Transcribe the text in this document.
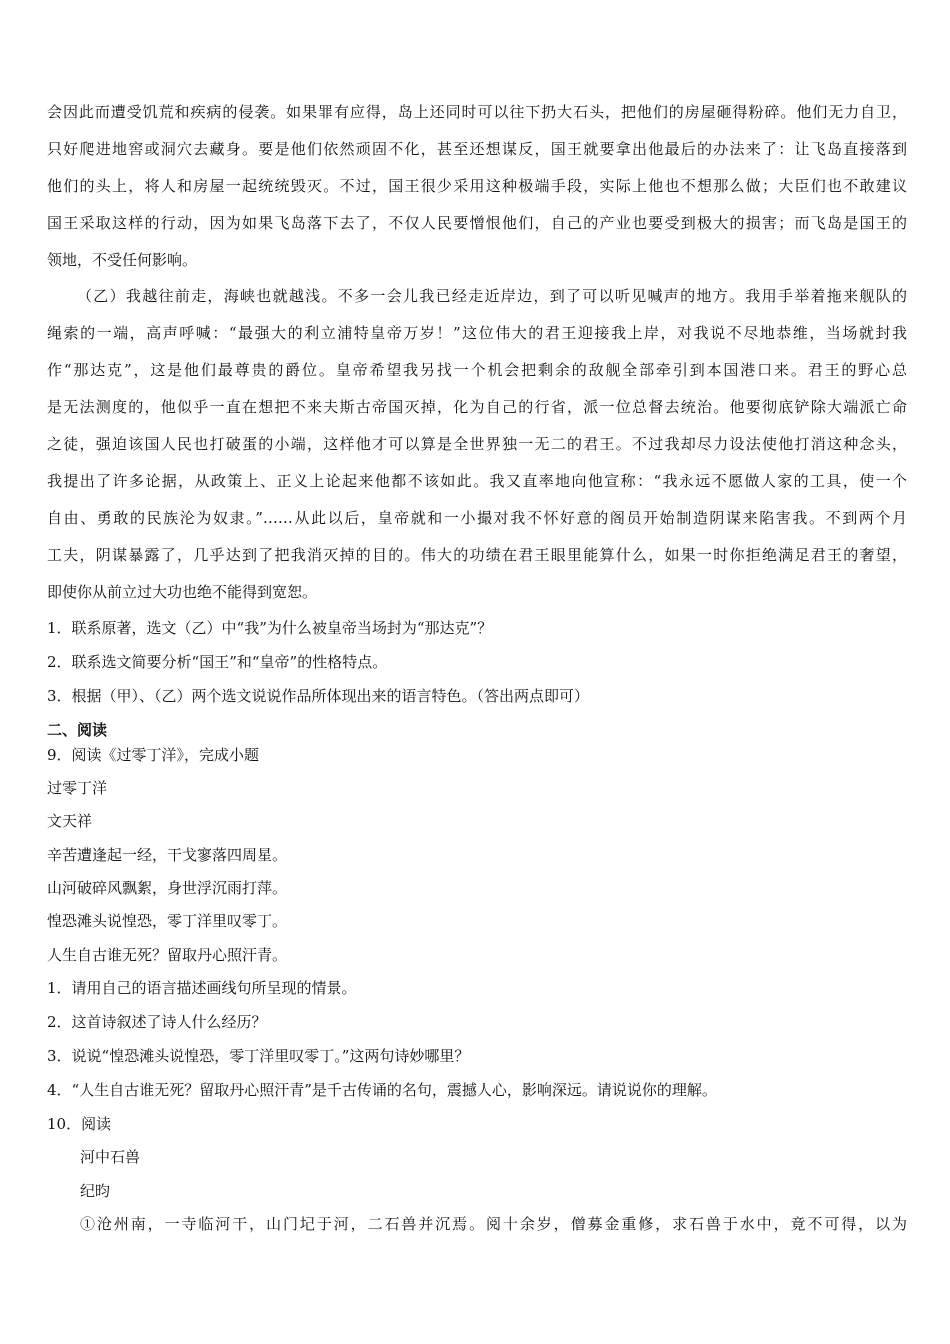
会因此而遭受饥荒和疾病的侵袭。如果罪有应得，岛上还同时可以往下扔大石头，把他们的房屋砸得粉碎。他们无力自卫，
只好爬进地窖或洞穴去藏身。要是他们依然顽固不化，甚至还想谋反，国王就要拿出他最后的办法来了：让飞岛直接落到
他们的头上，将人和房屋一起统统毁灭。不过，国王很少采用这种极端手段，实际上他也不想那么做；大臣们也不敢建议
国王采取这样的行动，因为如果飞岛落下去了，不仅人民要憎恨他们，自己的产业也要受到极大的损害；而飞岛是国王的
领地，不受任何影响。
（乙）我越往前走，海峡也就越浅。不多一会儿我已经走近岸边，到了可以听见喊声的地方。我用手举着拖来舰队的
绳索的一端，高声呼喊：“最强大的利立浦特皇帝万岁！”这位伟大的君王迎接我上岸，对我说不尽地恭维，当场就封我
作“那达克”，这是他们最尊贵的爵位。皇帝希望我另找一个机会把剩余的敌舰全部牵引到本国港口来。君王的野心总
是无法测度的，他似乎一直在想把不来夫斯古帝国灭掉，化为自己的行省，派一位总督去统治。他要彻底铲除大端派亡命
之徒，强迫该国人民也打破蛋的小端，这样他才可以算是全世界独一无二的君王。不过我却尽力设法使他打消这种念头，
我提出了许多论据，从政策上、正义上论起来他都不该如此。我又直率地向他宣称：“我永远不愿做人家的工具，使一个
自由、勇敢的民族沦为奴隶。”……从此以后，皇帝就和一小撮对我不怀好意的阁员开始制造阴谋来陷害我。不到两个月
工夫，阴谋暴露了，几乎达到了把我消灭掉的目的。伟大的功绩在君王眼里能算什么，如果一时你拒绝满足君王的奢望，
即使你从前立过大功也绝不能得到宽恕。
1．联系原著，选文（乙）中“我”为什么被皇帝当场封为“那达克”？
2．联系选文简要分析“国王”和“皇帝”的性格特点。
3．根据（甲）、（乙）两个选文说说作品所体现出来的语言特色。（答出两点即可）
二、阅读
9．阅读《过零丁洋》，完成小题
过零丁洋
文天祥
辛苦遭逢起一经，干戈寥落四周星。
山河破碎风飘絮，身世浮沉雨打萍。
惶恐滩头说惶恐，零丁洋里叹零丁。
人生自古谁无死？留取丹心照汗青。
1．请用自己的语言描述画线句所呈现的情景。
2．这首诗叙述了诗人什么经历？
3．说说“惶恐滩头说惶恐，零丁洋里叹零丁。”这两句诗妙哪里？
4．“人生自古谁无死？留取丹心照汗青”是千古传诵的名句，震撼人心，影响深远。请说说你的理解。
10．阅读
河中石兽
纪昀
①沧州南，一寺临河干，山门圮于河，二石兽并沉焉。阅十余岁，僧募金重修，求石兽于水中，竟不可得，以为
